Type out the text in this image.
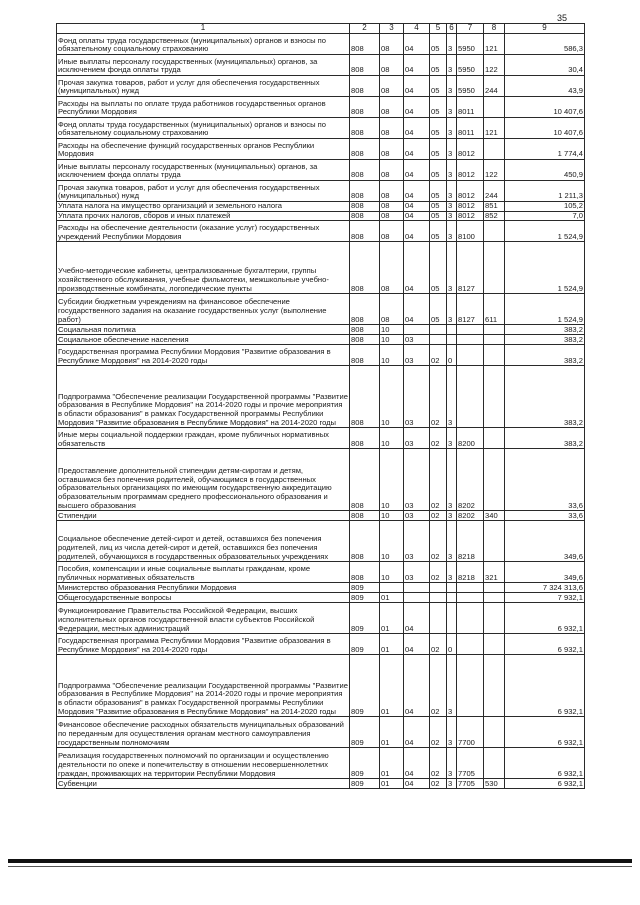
35
1	2	3	4	5	6	7	8	9
Фонд оплаты труда государственных (муниципальных) органов и взносы по обязательному социальному страхованию	808	08	04	05	3	5950	121	586,3
Иные выплаты персоналу государственных (муниципальных) органов, за исключением фонда оплаты труда	808	08	04	05	3	5950	122	30,4
Прочая закупка товаров, работ и услуг для обеспечения государственных (муниципальных) нужд	808	08	04	05	3	5950	244	43,9
Расходы на выплаты по оплате труда работников государственных органов Республики Мордовия	808	08	04	05	3	8011		10 407,6
Фонд оплаты труда государственных (муниципальных) органов и взносы по обязательному социальному страхованию	808	08	04	05	3	8011	121	10 407,6
Расходы на обеспечение функций государственных органов Республики Мордовия	808	08	04	05	3	8012		1 774,4
Иные выплаты персоналу государственных (муниципальных) органов, за исключением фонда оплаты труда	808	08	04	05	3	8012	122	450,9
Прочая закупка товаров, работ и услуг для обеспечения государственных (муниципальных) нужд	808	08	04	05	3	8012	244	1 211,3
Уплата налога на имущество организаций и земельного налога	808	08	04	05	3	8012	851	105,2
Уплата прочих налогов, сборов и иных платежей	808	08	04	05	3	8012	852	7,0
Расходы на обеспечение деятельности (оказание услуг) государственных учреждений Республики Мордовия	808	08	04	05	3	8100		1 524,9
Учебно-методические кабинеты, централизованные бухгалтерии, группы хозяйственного обслуживания, учебные фильмотеки, межшкольные учебно-производственные комбинаты, логопедические пункты	808	08	04	05	3	8127		1 524,9
Субсидии бюджетным учреждениям на финансовое обеспечение государственного задания на оказание государственных услуг (выполнение работ)	808	08	04	05	3	8127	611	1 524,9
Социальная политика	808	10						383,2
Социальное обеспечение населения	808	10	03					383,2
Государственная программа Республики Мордовия "Развитие образования в Республике Мордовия" на 2014-2020 годы	808	10	03	02	0			383,2
Подпрограмма "Обеспечение реализации Государственной программы "Развитие образования в Республике Мордовия" на 2014-2020 годы и прочие мероприятия в области образования" в рамках Государственной программы Республики Мордовия "Развитие образования в Республике Мордовия" на 2014-2020 годы	808	10	03	02	3			383,2
Иные меры социальной поддержки граждан, кроме публичных нормативных обязательств	808	10	03	02	3	8200		383,2
Предоставление дополнительной стипендии детям-сиротам и детям, оставшимся без попечения родителей, обучающимся в государственных образовательных организациях по имеющим государственную аккредитацию образовательным программам среднего профессионального образования и высшего образования	808	10	03	02	3	8202		33,6
Стипендии	808	10	03	02	3	8202	340	33,6
Социальное обеспечение детей-сирот и детей, оставшихся без попечения родителей, лиц из числа детей-сирот и детей, оставшихся без попечения родителей, обучающихся в государственных образовательных учреждениях	808	10	03	02	3	8218		349,6
Пособия, компенсации и иные социальные выплаты гражданам, кроме публичных нормативных обязательств	808	10	03	02	3	8218	321	349,6
Министерство образования Республики Мордовия	809							7 324 313,6
Общегосударственные вопросы	809	01						7 932,1
Функционирование Правительства Российской Федерации, высших исполнительных органов государственной власти субъектов Российской Федерации, местных администраций	809	01	04					6 932,1
Государственная программа Республики Мордовия "Развитие образования в Республике Мордовия" на 2014-2020 годы	809	01	04	02	0			6 932,1
Подпрограмма "Обеспечение реализации Государственной программы "Развитие образования в Республике Мордовия" на 2014-2020 годы и прочие мероприятия в области образования" в рамках Государственной программы Республики Мордовия "Развитие образования в Республике Мордовия" на 2014-2020 годы	809	01	04	02	3			6 932,1
Финансовое обеспечение расходных обязательств муниципальных образований по переданным для осуществления органам местного самоуправления государственным полномочиям	809	01	04	02	3	7700		6 932,1
Реализация государственных полномочий по организации и осуществлению деятельности по опеке и попечительству в отношении несовершеннолетних граждан, проживающих на территории Республики Мордовия	809	01	04	02	3	7705		6 932,1
Субвенции	809	01	04	02	3	7705	530	6 932,1
